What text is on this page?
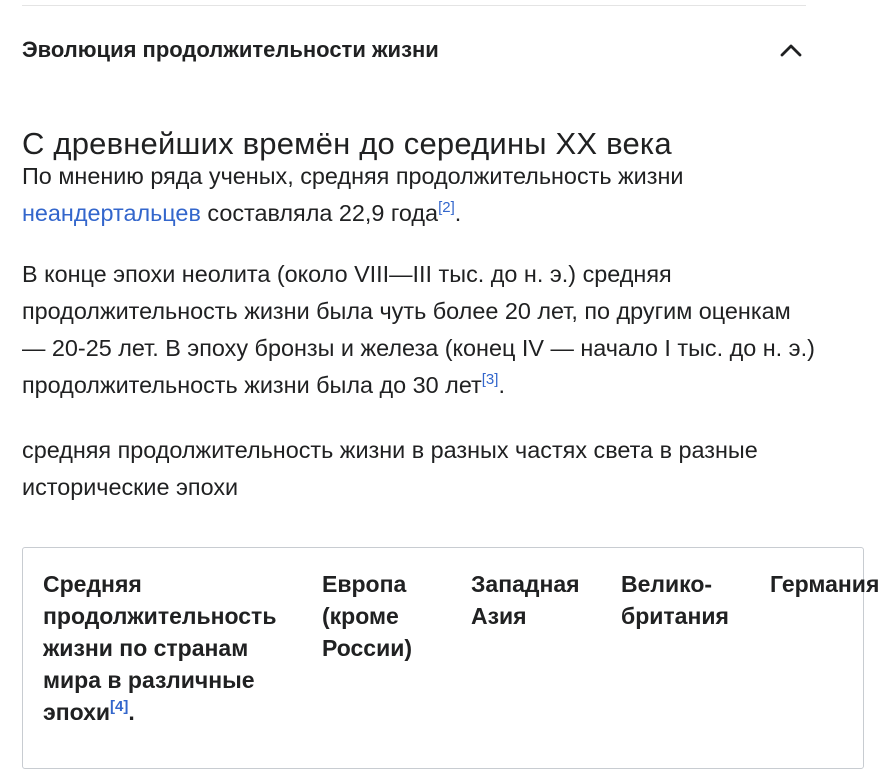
Эволюция продолжительности жизни
С древнейших времён до середины XX века

По мнению ряда ученых, средняя продолжительность жизни неандертальцев составляла 22,9 года[2].

В конце эпохи неолита (около VIII—III тыс. до н. э.) средняя продолжительность жизни была чуть более 20 лет, по другим оценкам — 20-25 лет. В эпоху бронзы и железа (конец IV — начало I тыс. до н. э.) продолжительность жизни была до 30 лет[3].

средняя продолжительность жизни в разных частях света в разные исторические эпохи

Средняя продолжительность жизни по странам мира в различные эпохи[4].
Европа (кроме России)
Западная Азия
Велико-британия
Германия
